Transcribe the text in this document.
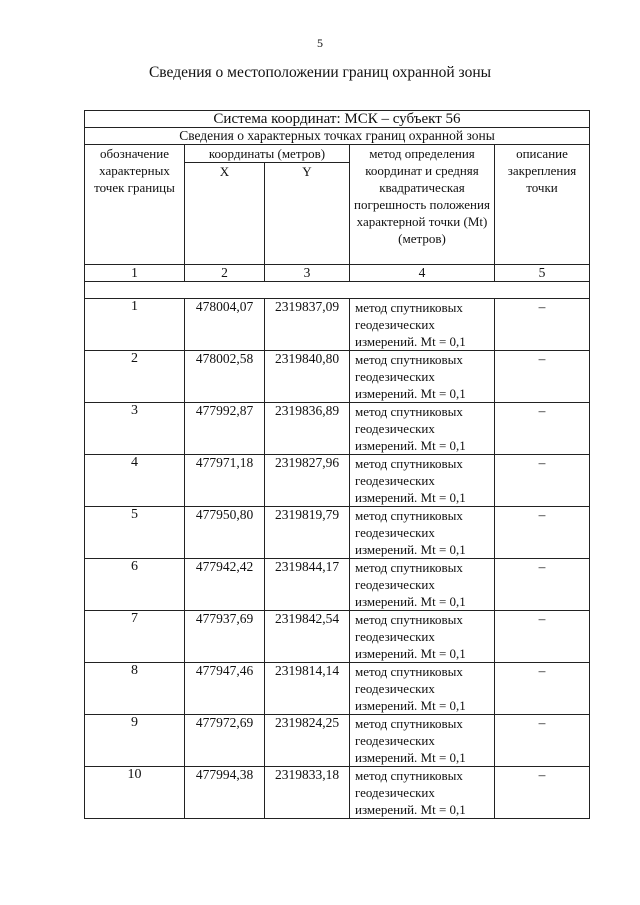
5
Сведения о местоположении границ охранной зоны
Система координат: МСК – субъект 56				
Сведения о характерных точках границ охранной зоны				
обозначение характерных точек границы	координаты (метров)		метод определения координат и средняя квадратическая погрешность положения характерной точки (Mt) (метров)	описание закрепления точки
	X	Y		
1	2	3	4	5

1	478004,07	2319837,09	метод спутниковых геодезических измерений. Mt = 0,1	–
2	478002,58	2319840,80	метод спутниковых геодезических измерений. Mt = 0,1	–
3	477992,87	2319836,89	метод спутниковых геодезических измерений. Mt = 0,1	–
4	477971,18	2319827,96	метод спутниковых геодезических измерений. Mt = 0,1	–
5	477950,80	2319819,79	метод спутниковых геодезических измерений. Mt = 0,1	–
6	477942,42	2319844,17	метод спутниковых геодезических измерений. Mt = 0,1	–
7	477937,69	2319842,54	метод спутниковых геодезических измерений. Mt = 0,1	–
8	477947,46	2319814,14	метод спутниковых геодезических измерений. Mt = 0,1	–
9	477972,69	2319824,25	метод спутниковых геодезических измерений. Mt = 0,1	–
10	477994,38	2319833,18	метод спутниковых геодезических измерений. Mt = 0,1	–
